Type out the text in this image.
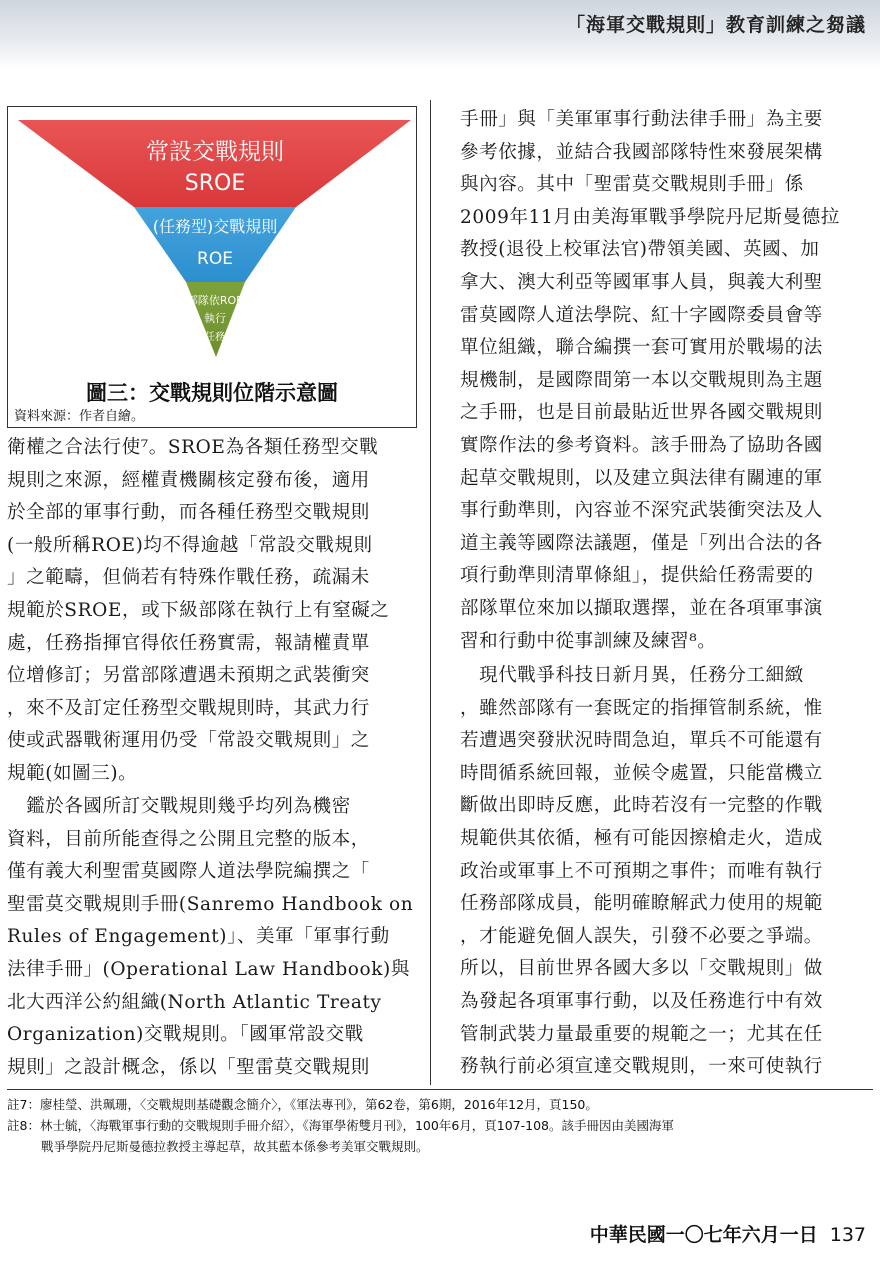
「海軍交戰規則」教育訓練之芻議
常設交戰規則
SROE
(任務型)交戰規則
ROE
部隊依ROE
執行
任務
圖三：交戰規則位階示意圖
資料來源：作者自繪。
衛權之合法行使⁷。SROE為各類任務型交戰
規則之來源，經權責機關核定發布後，適用
於全部的軍事行動，而各種任務型交戰規則
(一般所稱ROE)均不得逾越「常設交戰規則
」之範疇，但倘若有特殊作戰任務，疏漏未
規範於SROE，或下級部隊在執行上有窒礙之
處，任務指揮官得依任務實需，報請權責單
位增修訂；另當部隊遭遇未預期之武裝衝突
，來不及訂定任務型交戰規則時，其武力行
使或武器戰術運用仍受「常設交戰規則」之
規範(如圖三)。
　鑑於各國所訂交戰規則幾乎均列為機密
資料，目前所能查得之公開且完整的版本，
僅有義大利聖雷莫國際人道法學院編撰之「
聖雷莫交戰規則手冊(Sanremo Handbook on
Rules of Engagement)」、美軍「軍事行動
法律手冊」(Operational Law Handbook)與
北大西洋公約組織(North Atlantic Treaty
Organization)交戰規則。「國軍常設交戰
規則」之設計概念，係以「聖雷莫交戰規則
手冊」與「美軍軍事行動法律手冊」為主要
參考依據，並結合我國部隊特性來發展架構
與內容。其中「聖雷莫交戰規則手冊」係
2009年11月由美海軍戰爭學院丹尼斯曼德拉
教授(退役上校軍法官)帶領美國、英國、加
拿大、澳大利亞等國軍事人員，與義大利聖
雷莫國際人道法學院、紅十字國際委員會等
單位組織，聯合編撰一套可實用於戰場的法
規機制，是國際間第一本以交戰規則為主題
之手冊，也是目前最貼近世界各國交戰規則
實際作法的參考資料。該手冊為了協助各國
起草交戰規則，以及建立與法律有關連的軍
事行動準則，內容並不深究武裝衝突法及人
道主義等國際法議題，僅是「列出合法的各
項行動準則清單條組」，提供給任務需要的
部隊單位來加以擷取選擇，並在各項軍事演
習和行動中從事訓練及練習⁸。
　現代戰爭科技日新月異，任務分工細緻
，雖然部隊有一套既定的指揮管制系統，惟
若遭遇突發狀況時間急迫，單兵不可能還有
時間循系統回報，並候令處置，只能當機立
斷做出即時反應，此時若沒有一完整的作戰
規範供其依循，極有可能因擦槍走火，造成
政治或軍事上不可預期之事件；而唯有執行
任務部隊成員，能明確瞭解武力使用的規範
，才能避免個人誤失，引發不必要之爭端。
所以，目前世界各國大多以「交戰規則」做
為發起各項軍事行動，以及任務進行中有效
管制武裝力量最重要的規範之一；尤其在任
務執行前必須宣達交戰規則，一來可使執行
註7：廖桂瑩、洪珮珊，〈交戰規則基礎觀念簡介〉，《軍法專刊》，第62卷，第6期，2016年12月，頁150。
註8：林士毓，〈海戰軍事行動的交戰規則手冊介紹〉，《海軍學術雙月刊》，100年6月，頁107-108。該手冊因由美國海軍
戰爭學院丹尼斯曼德拉教授主導起草，故其藍本係參考美軍交戰規則。
中華民國一〇七年六月一日 137
